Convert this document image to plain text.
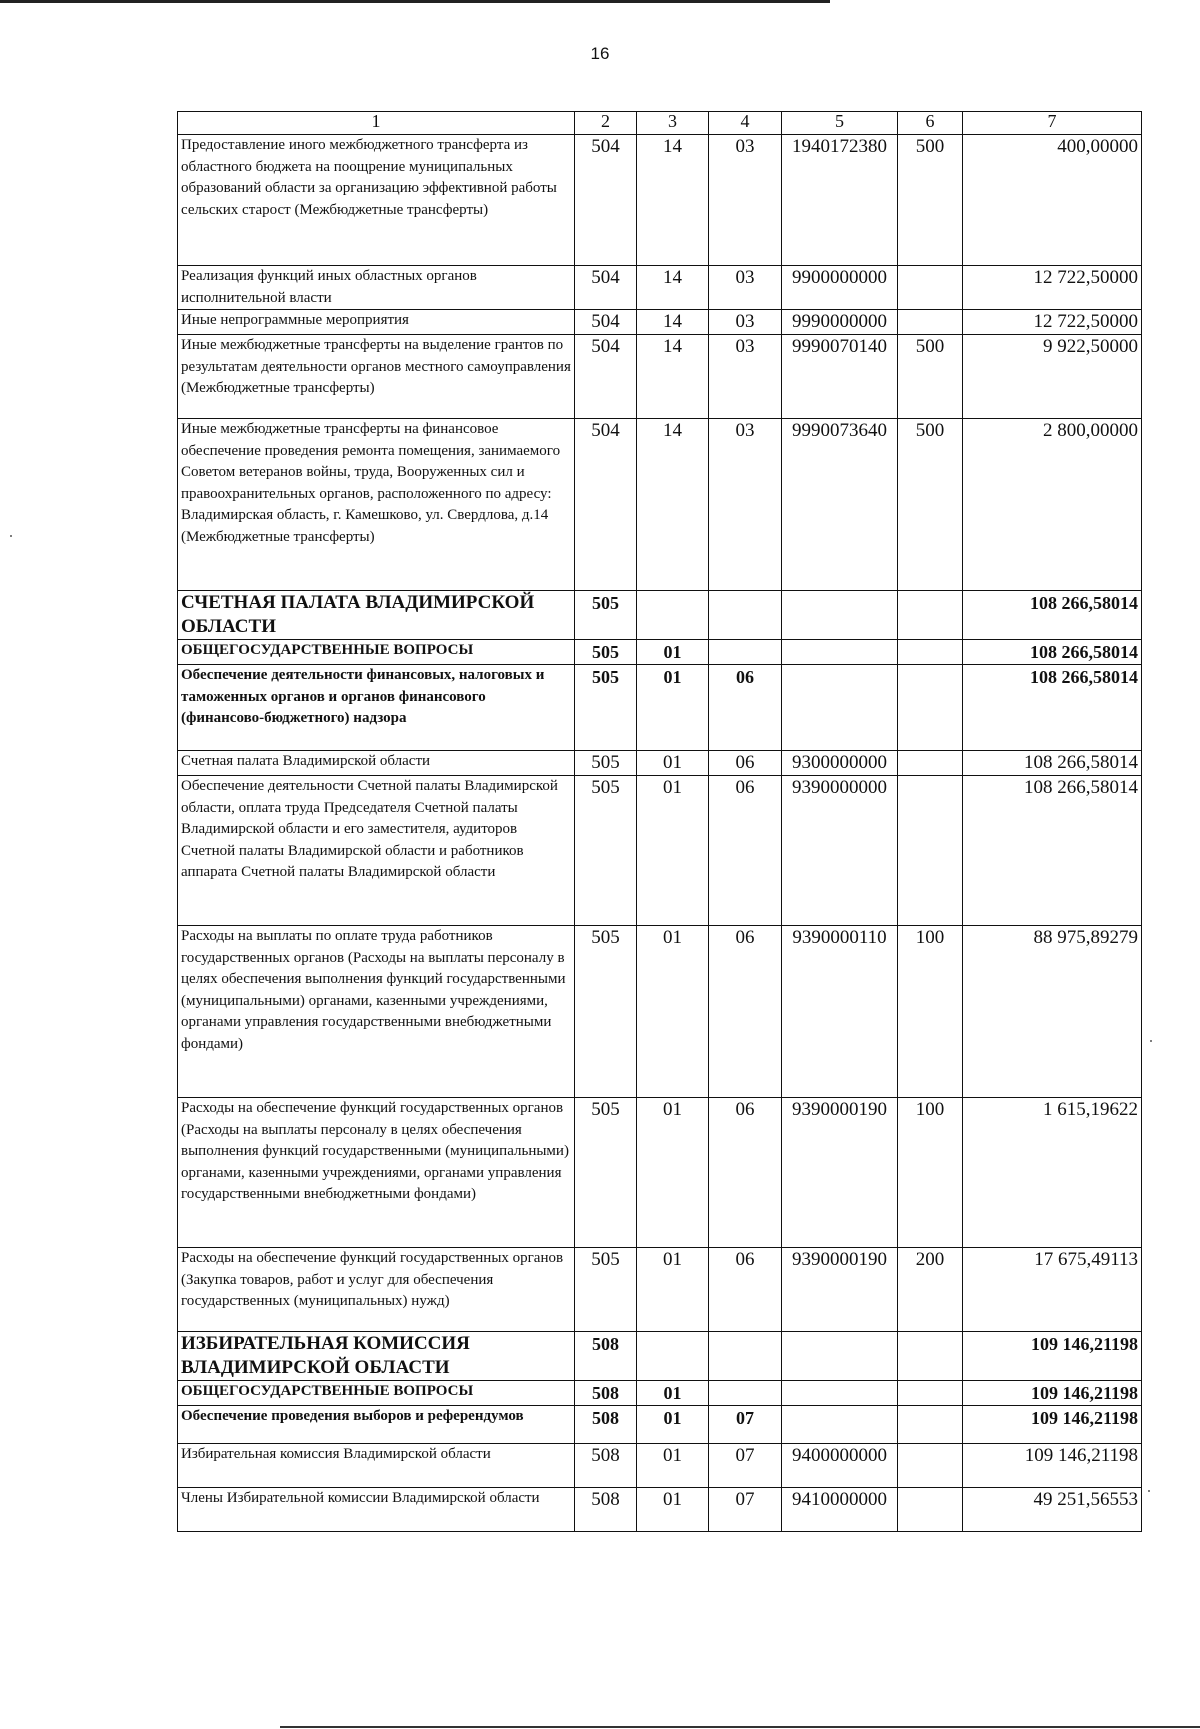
16
1	2	3	4	5	6	7
Предоставление иного межбюджетного трансферта из областного бюджета на поощрение муниципальных образований области за организацию эффективной работы сельских старост (Межбюджетные трансферты)	504	14	03	1940172380	500	400,00000
Реализация функций иных областных органов исполнительной власти	504	14	03	9900000000		12 722,50000
Иные непрограммные мероприятия	504	14	03	9990000000		12 722,50000
Иные межбюджетные трансферты на выделение грантов по результатам деятельности органов местного самоуправления (Межбюджетные трансферты)	504	14	03	9990070140	500	9 922,50000
Иные межбюджетные трансферты на финансовое обеспечение проведения ремонта помещения, занимаемого Советом ветеранов войны, труда, Вооруженных сил и правоохранительных органов, расположенного по адресу: Владимирская область, г. Камешково, ул. Свердлова, д.14 (Межбюджетные трансферты)	504	14	03	9990073640	500	2 800,00000
СЧЕТНАЯ ПАЛАТА ВЛАДИМИРСКОЙ ОБЛАСТИ	505					108 266,58014
ОБЩЕГОСУДАРСТВЕННЫЕ ВОПРОСЫ	505	01				108 266,58014
Обеспечение деятельности финансовых, налоговых и таможенных органов и органов финансового (финансово-бюджетного) надзора	505	01	06			108 266,58014
Счетная палата Владимирской области	505	01	06	9300000000		108 266,58014
Обеспечение деятельности Счетной палаты Владимирской области, оплата труда Председателя Счетной палаты Владимирской области и его заместителя, аудиторов Счетной палаты Владимирской области и работников аппарата Счетной палаты Владимирской области	505	01	06	9390000000		108 266,58014
Расходы на выплаты по оплате труда работников государственных органов (Расходы на выплаты персоналу в целях обеспечения выполнения функций государственными (муниципальными) органами, казенными учреждениями, органами управления государственными внебюджетными фондами)	505	01	06	9390000110	100	88 975,89279
Расходы на обеспечение функций государственных органов (Расходы на выплаты персоналу в целях обеспечения выполнения функций государственными (муниципальными) органами, казенными учреждениями, органами управления государственными внебюджетными фондами)	505	01	06	9390000190	100	1 615,19622
Расходы на обеспечение функций государственных органов (Закупка товаров, работ и услуг для обеспечения государственных (муниципальных) нужд)	505	01	06	9390000190	200	17 675,49113
ИЗБИРАТЕЛЬНАЯ КОМИССИЯ ВЛАДИМИРСКОЙ ОБЛАСТИ	508					109 146,21198
ОБЩЕГОСУДАРСТВЕННЫЕ ВОПРОСЫ	508	01				109 146,21198
Обеспечение проведения выборов и референдумов	508	01	07			109 146,21198
Избирательная комиссия Владимирской области	508	01	07	9400000000		109 146,21198
Члены Избирательной комиссии Владимирской области	508	01	07	9410000000		49 251,56553
